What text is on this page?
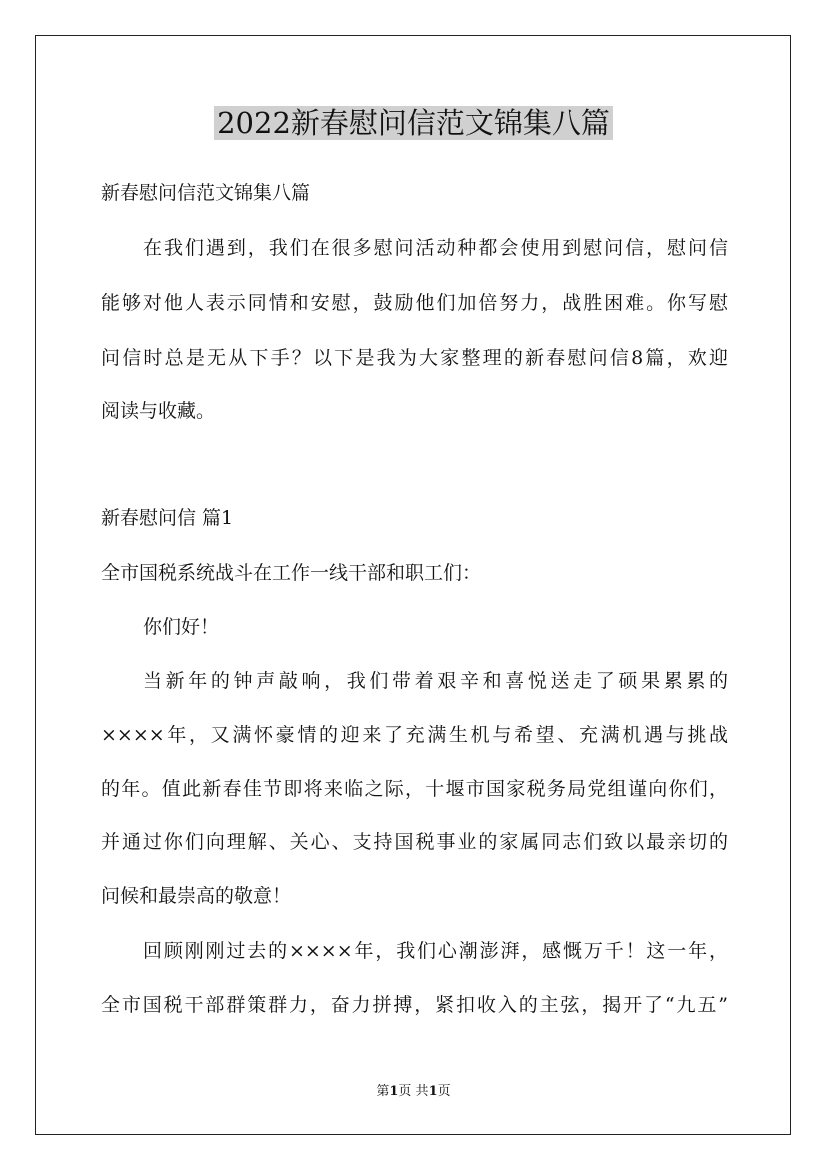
2022新春慰问信范文锦集八篇
新春慰问信范文锦集八篇
在我们遇到，我们在很多慰问活动种都会使用到慰问信，慰问信
能够对他人表示同情和安慰，鼓励他们加倍努力，战胜困难。你写慰
问信时总是无从下手？以下是我为大家整理的新春慰问信8篇，欢迎
阅读与收藏。
新春慰问信 篇1
全市国税系统战斗在工作一线干部和职工们：
你们好！
当新年的钟声敲响，我们带着艰辛和喜悦送走了硕果累累的
××××年，又满怀豪情的迎来了充满生机与希望、充满机遇与挑战
的年。值此新春佳节即将来临之际，十堰市国家税务局党组谨向你们，
并通过你们向理解、关心、支持国税事业的家属同志们致以最亲切的
问候和最崇高的敬意！
回顾刚刚过去的××××年，我们心潮澎湃，感慨万千！这一年，
全市国税干部群策群力，奋力拼搏，紧扣收入的主弦，揭开了“九五”
第1页 共1页
